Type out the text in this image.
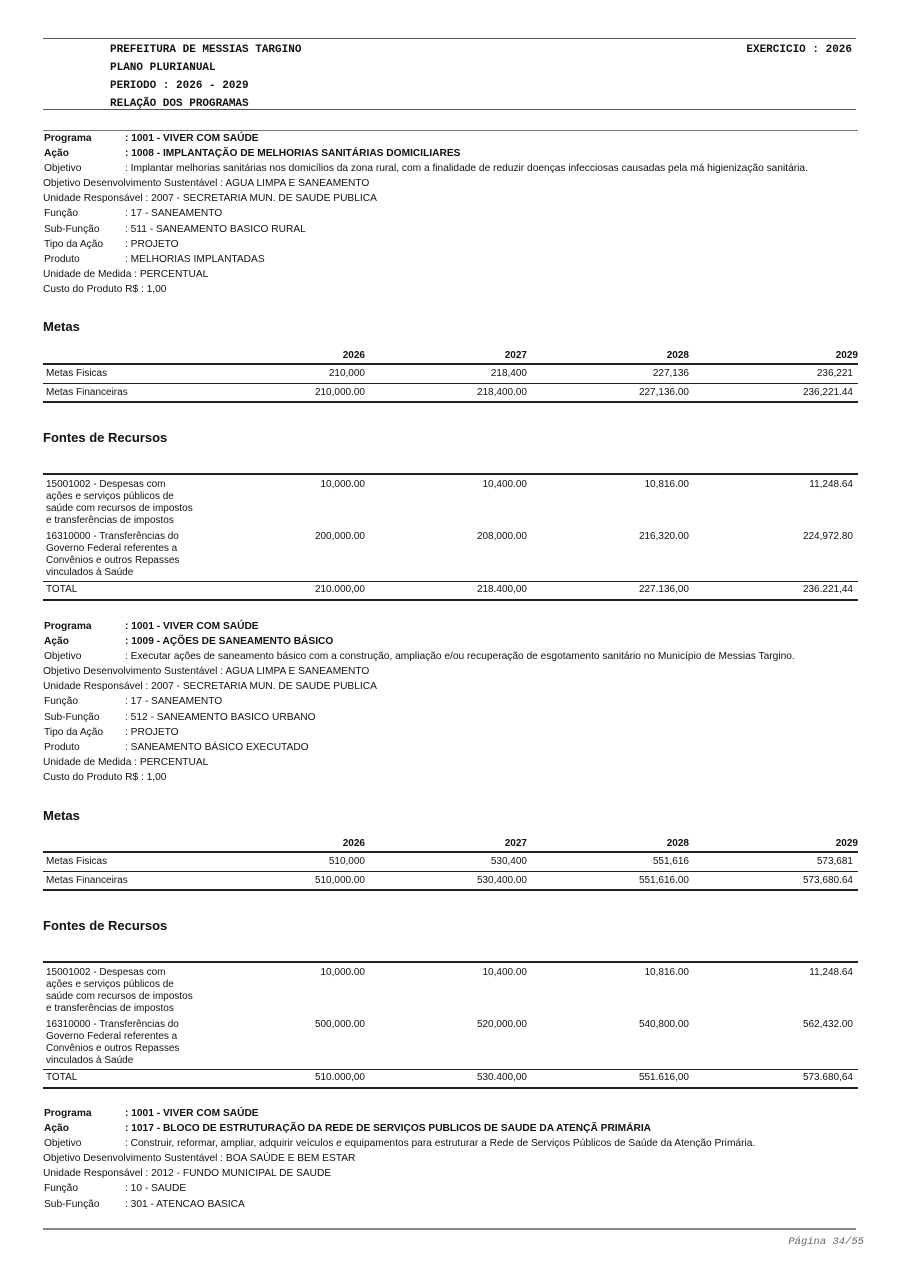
PREFEITURA DE MESSIAS TARGINO
PLANO PLURIANUAL
PERIODO : 2026 - 2029
RELAÇÃO DOS PROGRAMAS
EXERCICIO : 2026
Programa	: 1001 - VIVER COM SAÚDE
Ação	: 1008 - IMPLANTAÇÃO DE MELHORIAS SANITÁRIAS DOMICILIARES
Objetivo	: Implantar melhorias sanitárias nos domicílios da zona rural, com a finalidade de reduzir doenças infecciosas causadas pela má higienização sanitária.
Objetivo Desenvolvimento Sustentável : AGUA LIMPA E SANEAMENTO
Unidade Responsável : 2007 - SECRETARIA MUN. DE SAUDE PUBLICA
Função	: 17 - SANEAMENTO
Sub-Função	: 511 - SANEAMENTO BASICO RURAL
Tipo da Ação	: PROJETO
Produto	: MELHORIAS IMPLANTADAS
Unidade de Medida : PERCENTUAL
Custo do Produto R$ : 1,00
Metas
	2026	2027	2028	2029
Metas Fisicas	210,000	218,400	227,136	236,221
Metas Financeiras	210,000.00	218,400.00	227,136.00	236,221.44
Fontes de Recursos
15001002 - Despesas com
ações e serviços públicos de
saúde com recursos de impostos
e transferências de impostos	10,000.00	10,400.00	10,816.00	11,248.64

16310000 - Transferências do
Governo Federal referentes a
Convênios e outros Repasses
vinculados à Saúde	200,000.00	208,000.00	216,320.00	224,972.80
TOTAL	210.000,00	218.400,00	227.136,00	236.221,44
Programa	: 1001 - VIVER COM SAÚDE
Ação	: 1009 - AÇÕES DE SANEAMENTO BÁSICO
Objetivo	: Executar ações de saneamento básico com a construção, ampliação e/ou recuperação de esgotamento sanitário no Município de Messias Targino.
Objetivo Desenvolvimento Sustentável : AGUA LIMPA E SANEAMENTO
Unidade Responsável : 2007 - SECRETARIA MUN. DE SAUDE PUBLICA
Função	: 17 - SANEAMENTO
Sub-Função	: 512 - SANEAMENTO BASICO URBANO
Tipo da Ação	: PROJETO
Produto	: SANEAMENTO BÁSICO EXECUTADO
Unidade de Medida : PERCENTUAL
Custo do Produto R$ : 1,00
Metas
	2026	2027	2028	2029
Metas Fisicas	510,000	530,400	551,616	573,681
Metas Financeiras	510,000.00	530,400.00	551,616.00	573,680.64
Fontes de Recursos
15001002 - Despesas com
ações e serviços públicos de
saúde com recursos de impostos
e transferências de impostos	10,000.00	10,400.00	10,816.00	11,248.64

16310000 - Transferências do
Governo Federal referentes a
Convênios e outros Repasses
vinculados à Saúde	500,000.00	520,000.00	540,800.00	562,432.00
TOTAL	510.000,00	530.400,00	551.616,00	573.680,64
Programa	: 1001 - VIVER COM SAÚDE
Ação	: 1017 - BLOCO DE ESTRUTURAÇÃO DA REDE DE SERVIÇOS PUBLICOS DE SAUDE DA ATENÇÃ PRIMÁRIA
Objetivo	: Construir, reformar, ampliar, adquirir veículos e equipamentos para estruturar a Rede de Serviços Públicos de Saúde da Atenção Primária.
Objetivo Desenvolvimento Sustentável : BOA SAÚDE E BEM ESTAR
Unidade Responsável : 2012 - FUNDO MUNICIPAL DE SAUDE
Função	: 10 - SAUDE
Sub-Função	: 301 - ATENCAO BASICA
Página 34/55
